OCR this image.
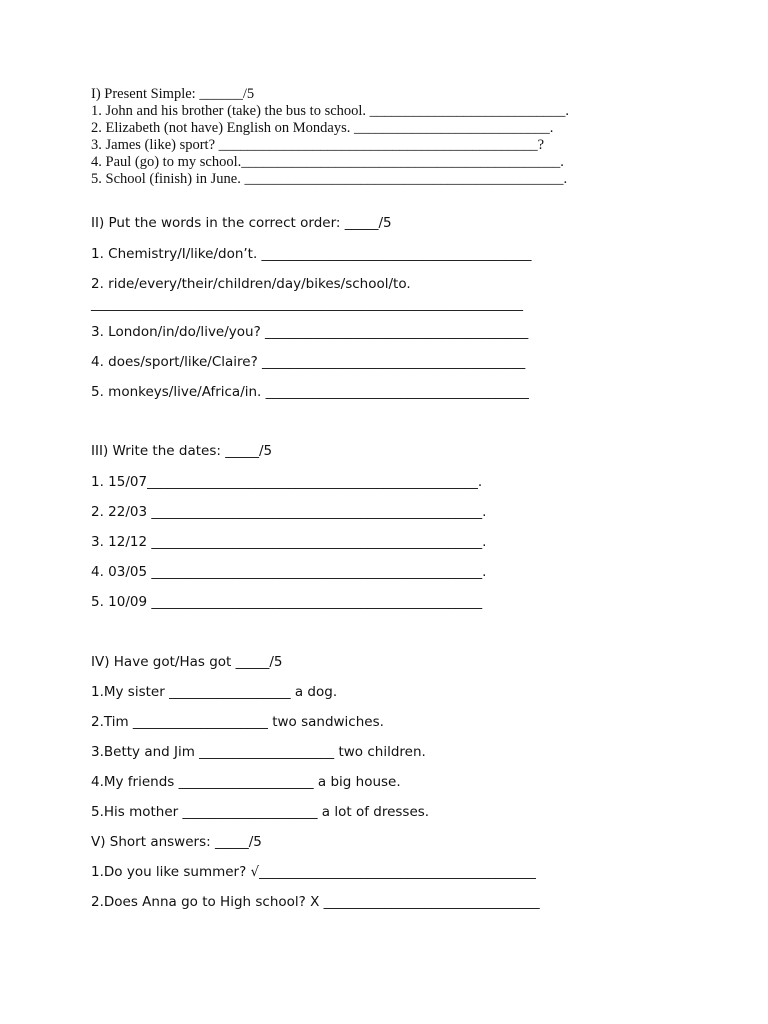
I) Present Simple: ______/5
1. John and his brother (take) the bus to school. ___________________________.
2. Elizabeth (not have) English on Mondays. ___________________________.
3. James (like) sport? ____________________________________________?
4. Paul (go) to my school.____________________________________________.
5. School (finish) in June. ____________________________________________.
II) Put the words in the correct order: _____/5
1. Chemistry/I/like/don’t. ________________________________________
2. ride/every/their/children/day/bikes/school/to.
________________________________________________________________
3. London/in/do/live/you? _______________________________________
4. does/sport/like/Claire? _______________________________________
5. monkeys/live/Africa/in. _______________________________________
III) Write the dates: _____/5
1. 15/07_________________________________________________.
2. 22/03 _________________________________________________.
3. 12/12 _________________________________________________.
4. 03/05 _________________________________________________.
5. 10/09 _________________________________________________
IV) Have got/Has got _____/5
1.My sister __________________ a dog.
2.Tim ____________________ two sandwiches.
3.Betty and Jim ____________________ two children.
4.My friends ____________________ a big house.
5.His mother ____________________ a lot of dresses.
V) Short answers: _____/5
1.Do you like summer? √_________________________________________
2.Does Anna go to High school? X ________________________________
